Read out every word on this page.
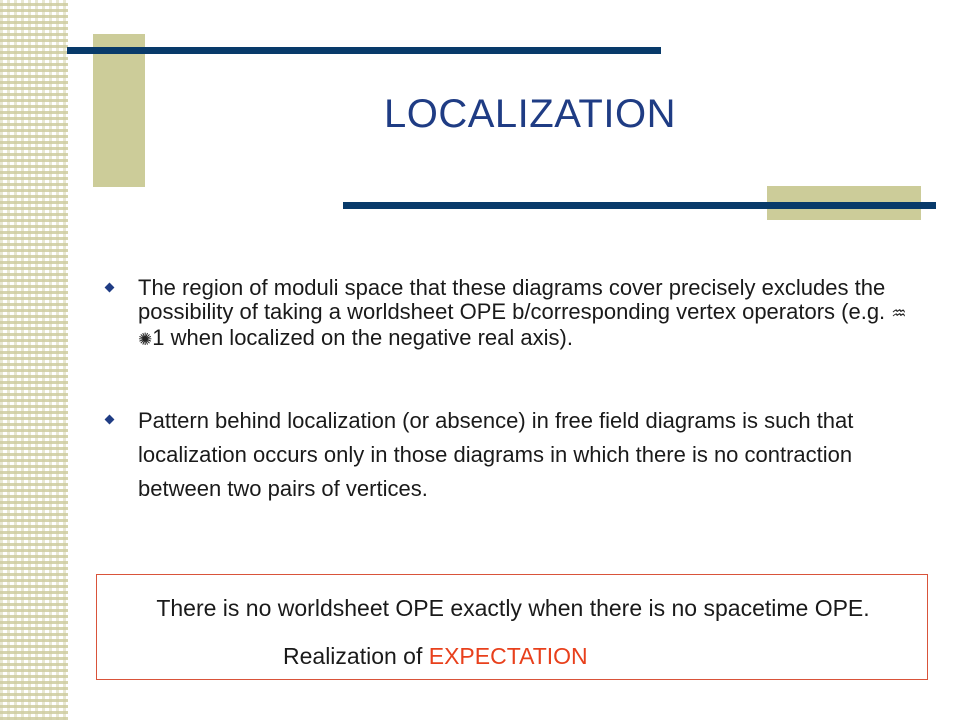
LOCALIZATION
The region of moduli space that these diagrams cover precisely excludes the possibility of taking a worldsheet OPE b/corresponding vertex operators (e.g. ♒ ✺1 when localized on the negative real axis).
Pattern behind localization (or absence) in free field diagrams is such that localization occurs only in those diagrams in which there is no contraction between two pairs of vertices.
There is no worldsheet OPE exactly when there is no spacetime OPE.
Realization of EXPECTATION
